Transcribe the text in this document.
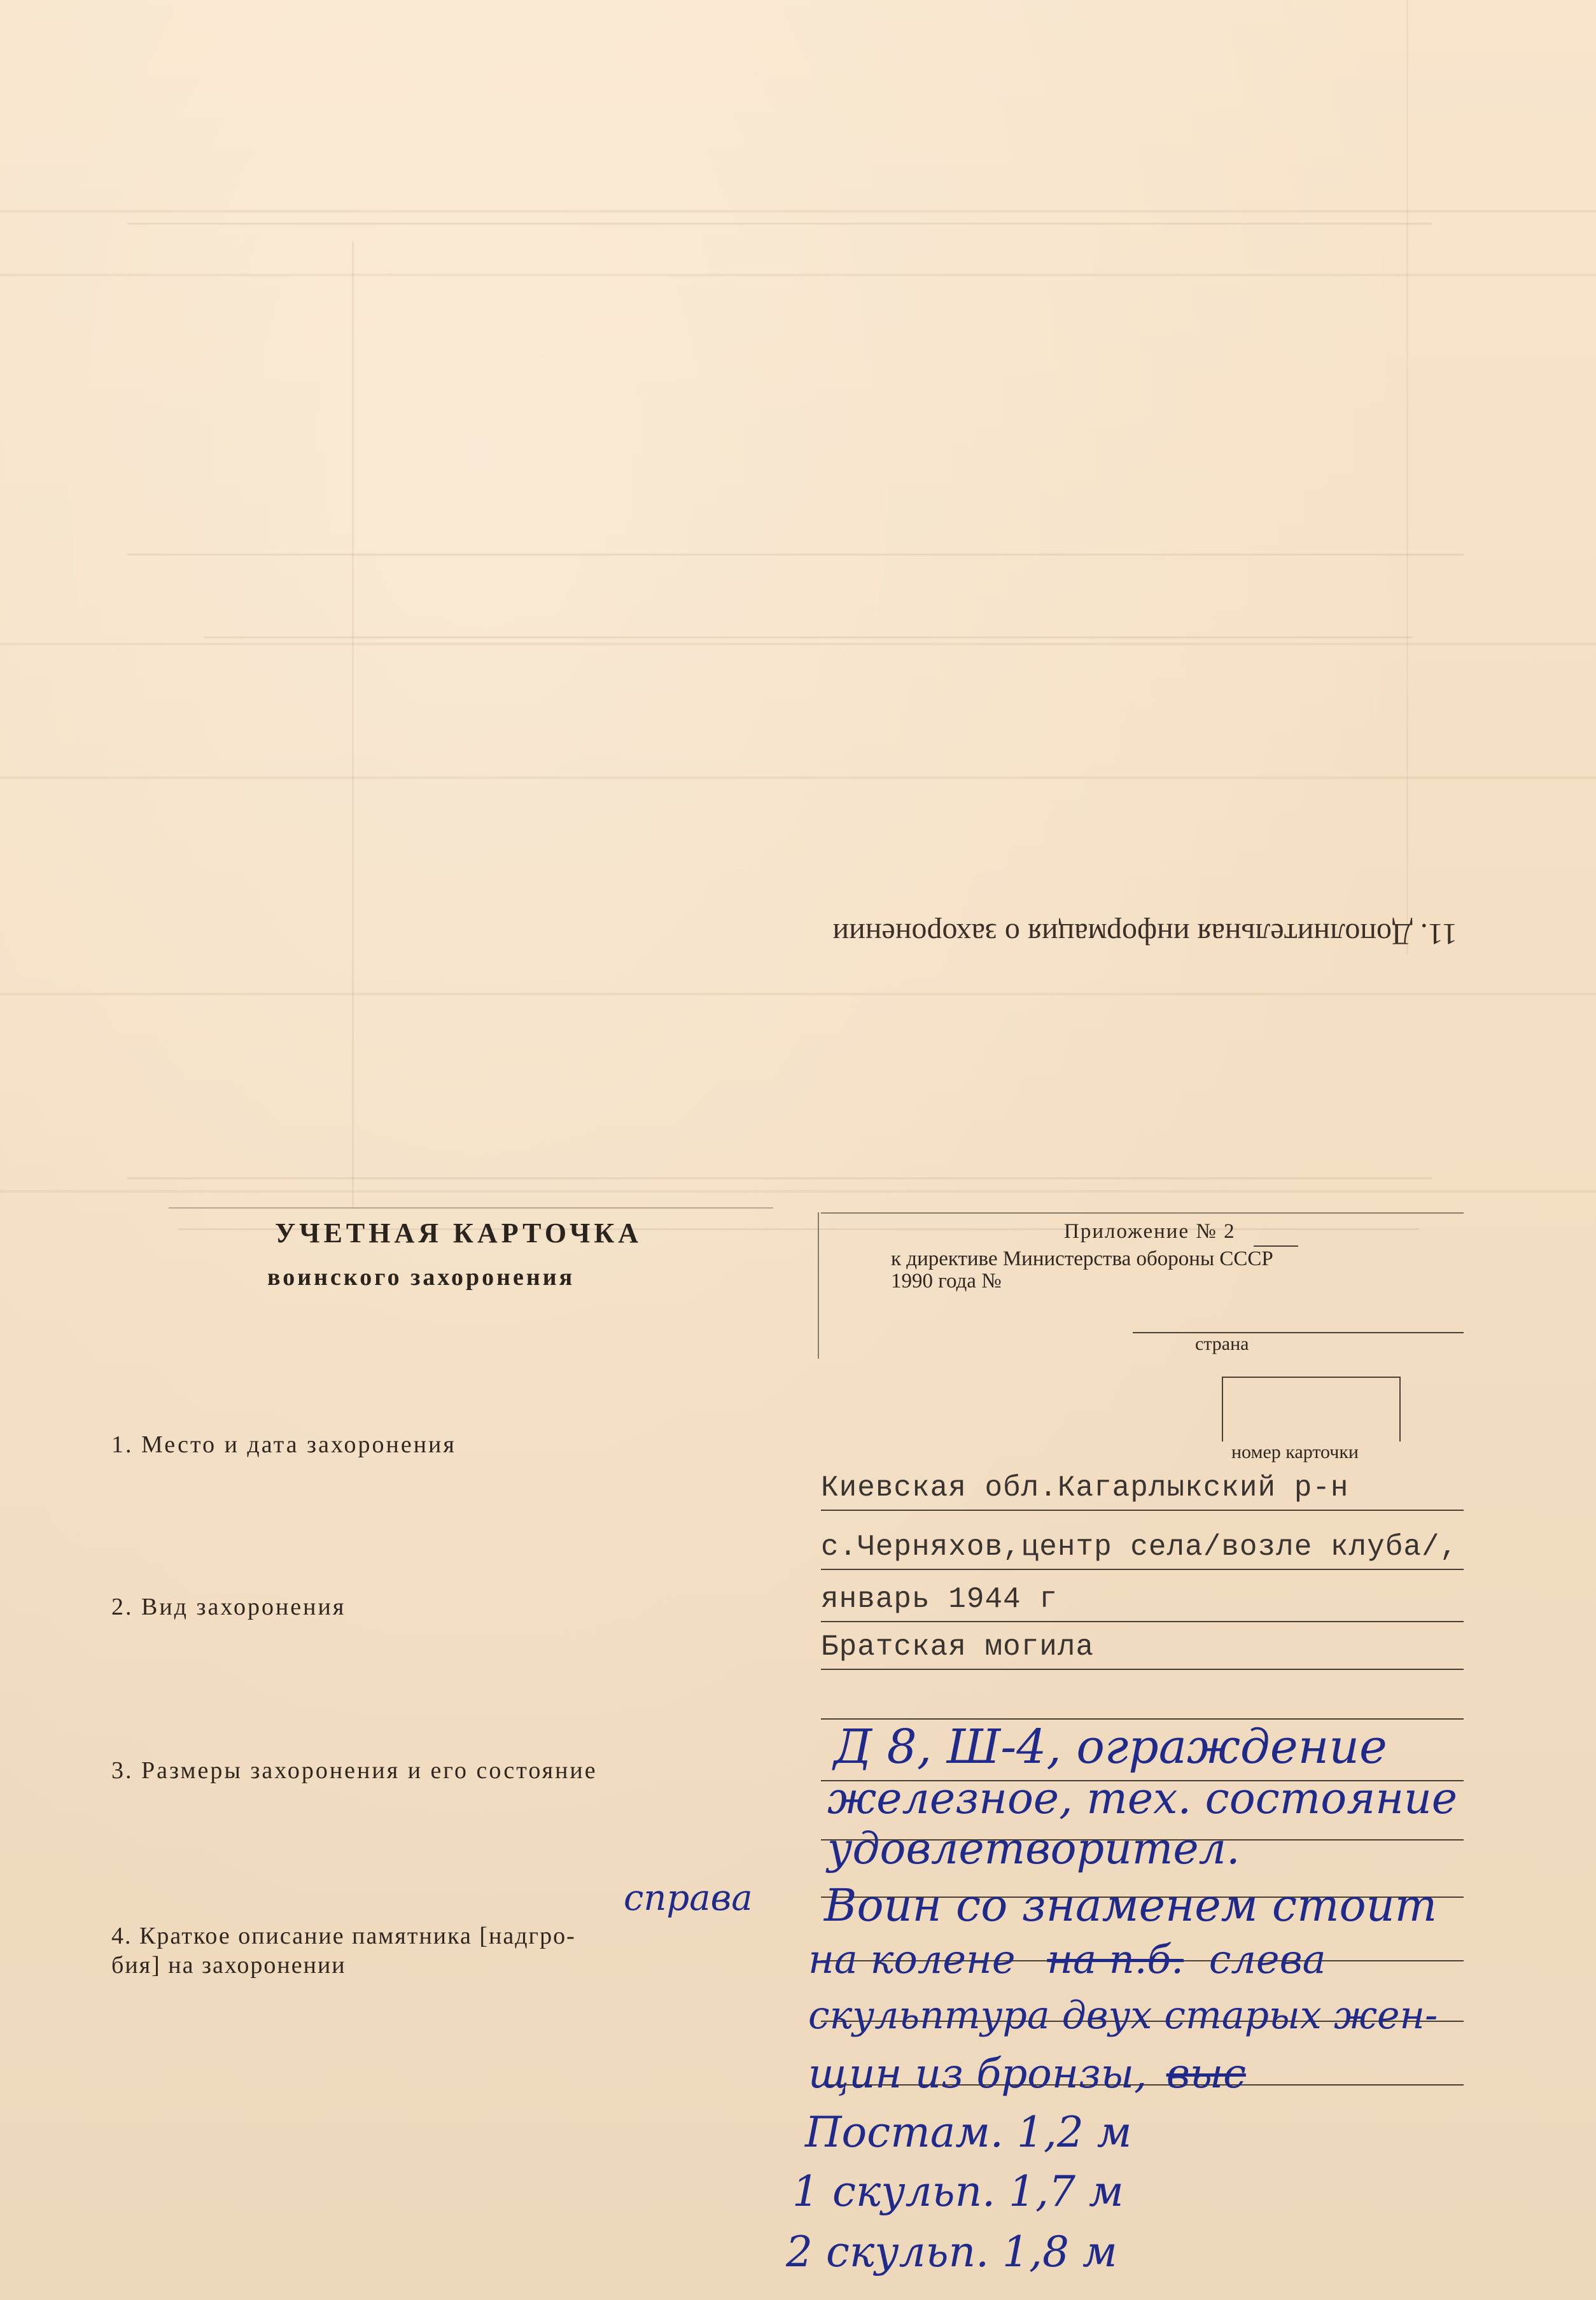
11. Дополнительная информация о захоронении
УЧЕТНАЯ КАРТОЧКА
воинского захоронения
Приложение № 2
к директиве Министерства обороны СССР
1990 года №
страна
номер карточки
1. Место и дата захоронения
2. Вид захоронения
3. Размеры захоронения и его состояние
4. Краткое описание памятника [надгро-
бия] на захоронении
Киевская обл.Кагарлыкский р-н
с.Черняхов,центр села/возле клуба/,
январь 1944 г
Братская могила
Д 8, Ш-4, ограждение
железное, тех. состояние
удовлетворител.
справа Воин со знаменем стоит
на колене на п.б. слева
скульптура двух старых жен-
щин из бронзы, выс
Постам. 1,2 м
1 скульп. 1,7 м
2 скульп. 1,8 м
